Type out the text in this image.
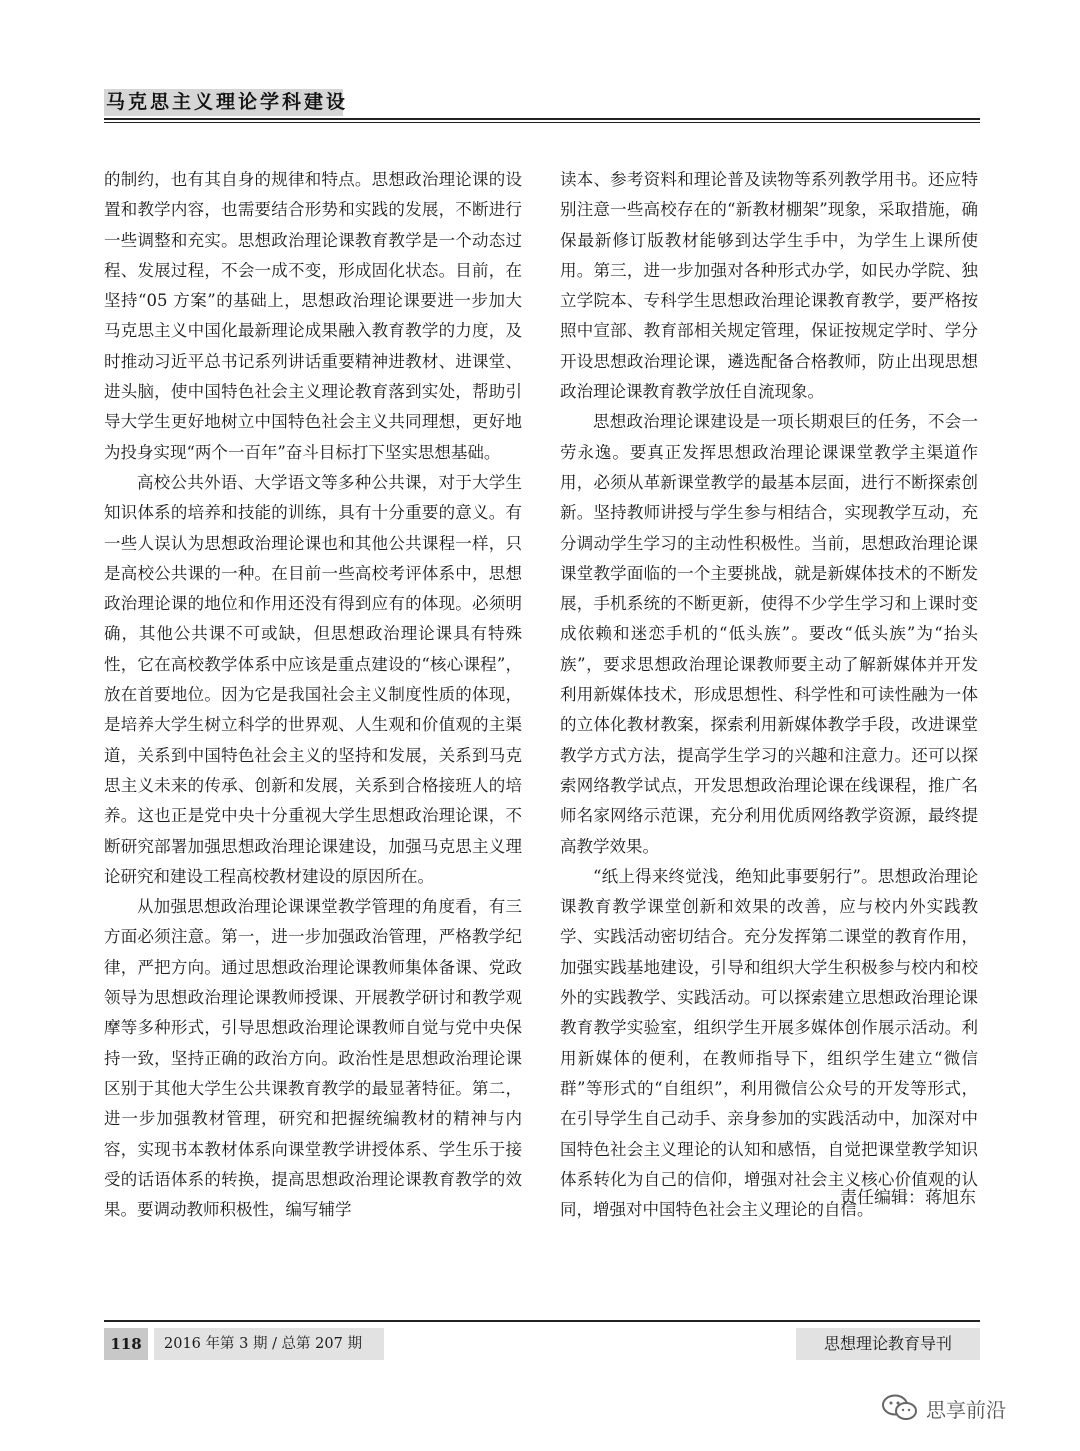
马克思主义理论学科建设

的制约，也有其自身的规律和特点。思想政治理论课的设置和教学内容，也需要结合形势和实践的发展，不断进行一些调整和充实。思想政治理论课教育教学是一个动态过程、发展过程，不会一成不变，形成固化状态。目前，在坚持“05 方案”的基础上，思想政治理论课要进一步加大马克思主义中国化最新理论成果融入教育教学的力度，及时推动习近平总书记系列讲话重要精神进教材、进课堂、进头脑，使中国特色社会主义理论教育落到实处，帮助引导大学生更好地树立中国特色社会主义共同理想，更好地为投身实现“两个一百年”奋斗目标打下坚实思想基础。

高校公共外语、大学语文等多种公共课，对于大学生知识体系的培养和技能的训练，具有十分重要的意义。有一些人误认为思想政治理论课也和其他公共课程一样，只是高校公共课的一种。在目前一些高校考评体系中，思想政治理论课的地位和作用还没有得到应有的体现。必须明确，其他公共课不可或缺，但思想政治理论课具有特殊性，它在高校教学体系中应该是重点建设的“核心课程”，放在首要地位。因为它是我国社会主义制度性质的体现，是培养大学生树立科学的世界观、人生观和价值观的主渠道，关系到中国特色社会主义的坚持和发展，关系到马克思主义未来的传承、创新和发展，关系到合格接班人的培养。这也正是党中央十分重视大学生思想政治理论课，不断研究部署加强思想政治理论课建设，加强马克思主义理论研究和建设工程高校教材建设的原因所在。

从加强思想政治理论课课堂教学管理的角度看，有三方面必须注意。第一，进一步加强政治管理，严格教学纪律，严把方向。通过思想政治理论课教师集体备课、党政领导为思想政治理论课教师授课、开展教学研讨和教学观摩等多种形式，引导思想政治理论课教师自觉与党中央保持一致，坚持正确的政治方向。政治性是思想政治理论课区别于其他大学生公共课教育教学的最显著特征。第二，进一步加强教材管理，研究和把握统编教材的精神与内容，实现书本教材体系向课堂教学讲授体系、学生乐于接受的话语体系的转换，提高思想政治理论课教育教学的效果。要调动教师积极性，编写辅学

读本、参考资料和理论普及读物等系列教学用书。还应特别注意一些高校存在的“新教材棚架”现象，采取措施，确保最新修订版教材能够到达学生手中，为学生上课所使用。第三，进一步加强对各种形式办学，如民办学院、独立学院本、专科学生思想政治理论课教育教学，要严格按照中宣部、教育部相关规定管理，保证按规定学时、学分开设思想政治理论课，遴选配备合格教师，防止出现思想政治理论课教育教学放任自流现象。

思想政治理论课建设是一项长期艰巨的任务，不会一劳永逸。要真正发挥思想政治理论课课堂教学主渠道作用，必须从革新课堂教学的最基本层面，进行不断探索创新。坚持教师讲授与学生参与相结合，实现教学互动，充分调动学生学习的主动性积极性。当前，思想政治理论课课堂教学面临的一个主要挑战，就是新媒体技术的不断发展，手机系统的不断更新，使得不少学生学习和上课时变成依赖和迷恋手机的“低头族”。要改“低头族”为“抬头族”，要求思想政治理论课教师要主动了解新媒体并开发利用新媒体技术，形成思想性、科学性和可读性融为一体的立体化教材教案，探索利用新媒体教学手段，改进课堂教学方式方法，提高学生学习的兴趣和注意力。还可以探索网络教学试点，开发思想政治理论课在线课程，推广名师名家网络示范课，充分利用优质网络教学资源，最终提高教学效果。

“纸上得来终觉浅，绝知此事要躬行”。思想政治理论课教育教学课堂创新和效果的改善，应与校内外实践教学、实践活动密切结合。充分发挥第二课堂的教育作用，加强实践基地建设，引导和组织大学生积极参与校内和校外的实践教学、实践活动。可以探索建立思想政治理论课教育教学实验室，组织学生开展多媒体创作展示活动。利用新媒体的便利，在教师指导下，组织学生建立“微信群”等形式的“自组织”，利用微信公众号的开发等形式，在引导学生自己动手、亲身参加的实践活动中，加深对中国特色社会主义理论的认知和感悟，自觉把课堂教学知识体系转化为自己的信仰，增强对社会主义核心价值观的认同，增强对中国特色社会主义理论的自信。

责任编辑：蒋旭东
118	2016 年第 3 期 / 总第 207 期	思想理论教育导刊
思享前沿
